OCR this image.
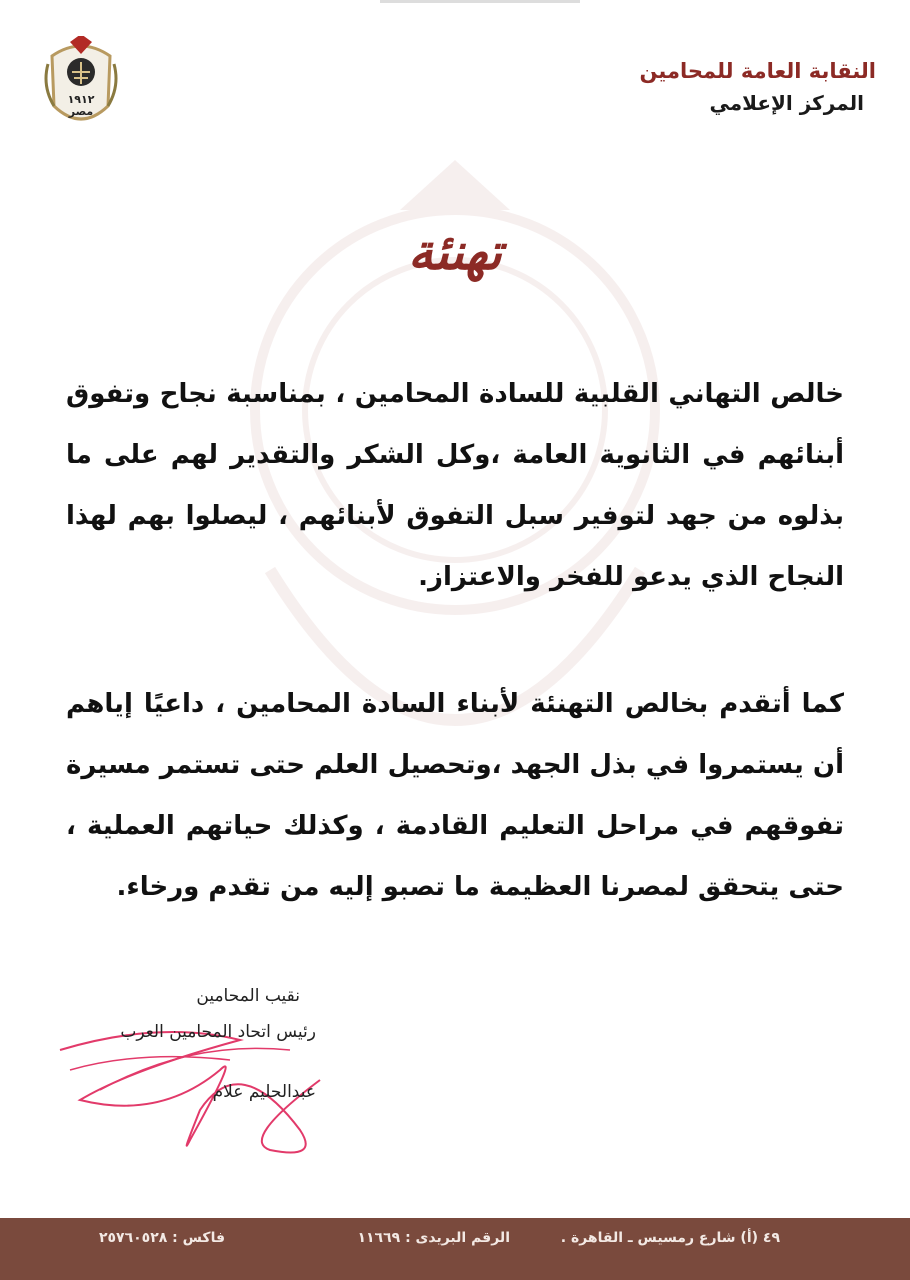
١٩١٢
مصر
النقابة العامة للمحامين
المركز الإعلامي
تهنئة
خالص التهاني القلبية للسادة المحامين ، بمناسبة نجاح وتفوق أبنائهم في الثانوية العامة ،وكل الشكر والتقدير لهم على ما بذلوه من جهد لتوفير سبل التفوق لأبنائهم ، ليصلوا بهم لهذا النجاح الذي يدعو للفخر والاعتزاز.
كما أتقدم بخالص التهنئة لأبناء السادة المحامين ، داعيًا إياهم أن يستمروا في بذل الجهد ،وتحصيل العلم حتى تستمر مسيرة تفوقهم في مراحل التعليم القادمة ، وكذلك حياتهم العملية ، حتى يتحقق لمصرنا العظيمة ما تصبو إليه من تقدم ورخاء.
نقيب المحامين
رئيس اتحاد المحامين العرب
عبدالحليم علام
٤٩ (أ) شارع رمسيس ـ القاهرة .
الرقم البريدى : ١١٦٦٩
فاكس : ٢٥٧٦٠٥٢٨
